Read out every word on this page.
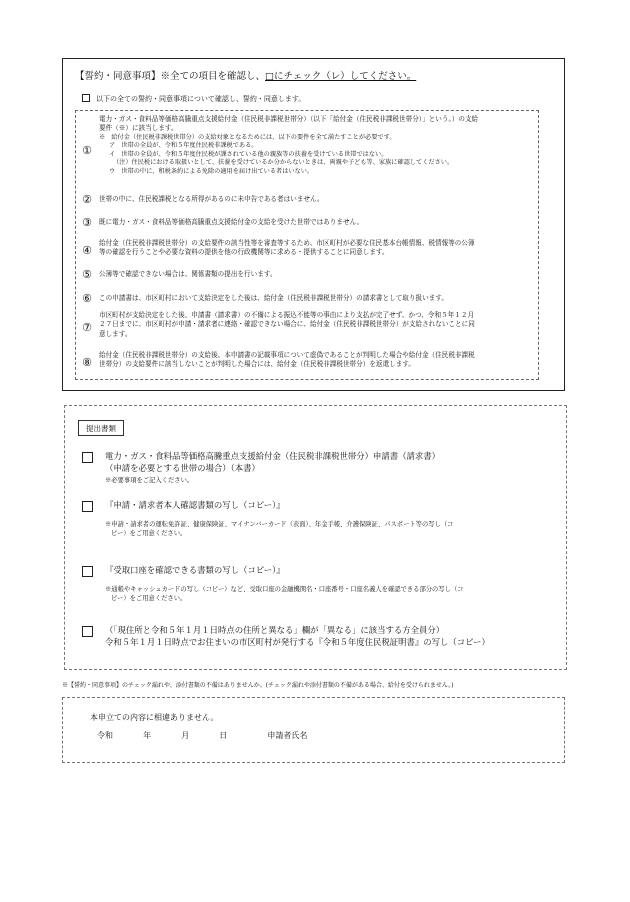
【誓約・同意事項】※全ての項目を確認し、□にチェック（レ）してください。
以下の全ての誓約・同意事項について確認し、誓約・同意します。
①
電力・ガス・食料品等価格高騰重点支援給付金（住民税非課税世帯分）（以下「給付金（住民税非課税世帯分）」という。）の支給
要件（※）に該当します。
※　給付金（住民税非課税世帯分）の支給対象となるためには、以下の要件を全て満たすことが必要です。
ア　世帯の全員が、令和５年度住民税非課税である。
イ　世帯の全員が、令和５年度住民税が課されている他の親族等の扶養を受けている世帯ではない。
（注）住民税における取扱いとして、扶養を受けているか分からないときは、両親や子ども等、家族に確認してください。
ウ　世帯の中に、租税条約による免除の適用を届け出ている者はいない。
②	世帯の中に、住民税課税となる所得があるのに未申告である者はいません。
③	既に電力・ガス・食料品等価格高騰重点支援給付金の支給を受けた世帯ではありません。
④
給付金（住民税非課税世帯分）の支給要件の該当性等を審査等するため、市区町村が必要な住民基本台帳情報、税情報等の公簿
等の確認を行うことや必要な資料の提供を他の行政機関等に求める・提供することに同意します。
⑤	公簿等で確認できない場合は、関係書類の提出を行います。
⑥	この申請書は、市区町村において支給決定をした後は、給付金（住民税非課税世帯分）の請求書として取り扱います。
⑦
市区町村が支給決定をした後、申請書（請求書）の不備による振込不能等の事由により支払が完了せず、かつ、令和５年１２月
２７日までに、市区町村が申請・請求者に連絡・確認できない場合に、給付金（住民税非課税世帯分）が支給されないことに同
意します。
⑧
給付金（住民税非課税世帯分）の支給後、本申請書の記載事項について虚偽であることが判明した場合や給付金（住民税非課税
世帯分）の支給要件に該当しないことが判明した場合には、給付金（住民税非課税世帯分）を返還します。
提出書類
電力・ガス・食料品等価格高騰重点支援給付金（住民税非課税世帯分）申請書（請求書）
（申請を必要とする世帯の場合）（本書）
※必要事項をご記入ください。
『申請・請求者本人確認書類の写し（コピー）』
※申請・請求者の運転免許証、健康保険証、マイナンバーカード（表面）、年金手帳、介護保険証、パスポート等の写し（コ
ピー）をご用意ください。
『受取口座を確認できる書類の写し（コピー）』
※通帳やキャッシュカードの写し（コピー）など、受取口座の金融機関名・口座番号・口座名義人を確認できる部分の写し（コ
ピー）をご用意ください。
（「現住所と令和５年１月１日時点の住所と異なる」欄が「異なる」に該当する方全員分）
令和５年１月１日時点でお住まいの市区町村が発行する『令和５年度住民税証明書』の写し（コピー）
※【誓約・同意事項】のチェック漏れや、添付書類の不備はありませんか。(チェック漏れや添付書類の不備がある場合、給付を受けられません。)
本申立ての内容に相違ありません。
令和	年	月	日	申請者氏名
